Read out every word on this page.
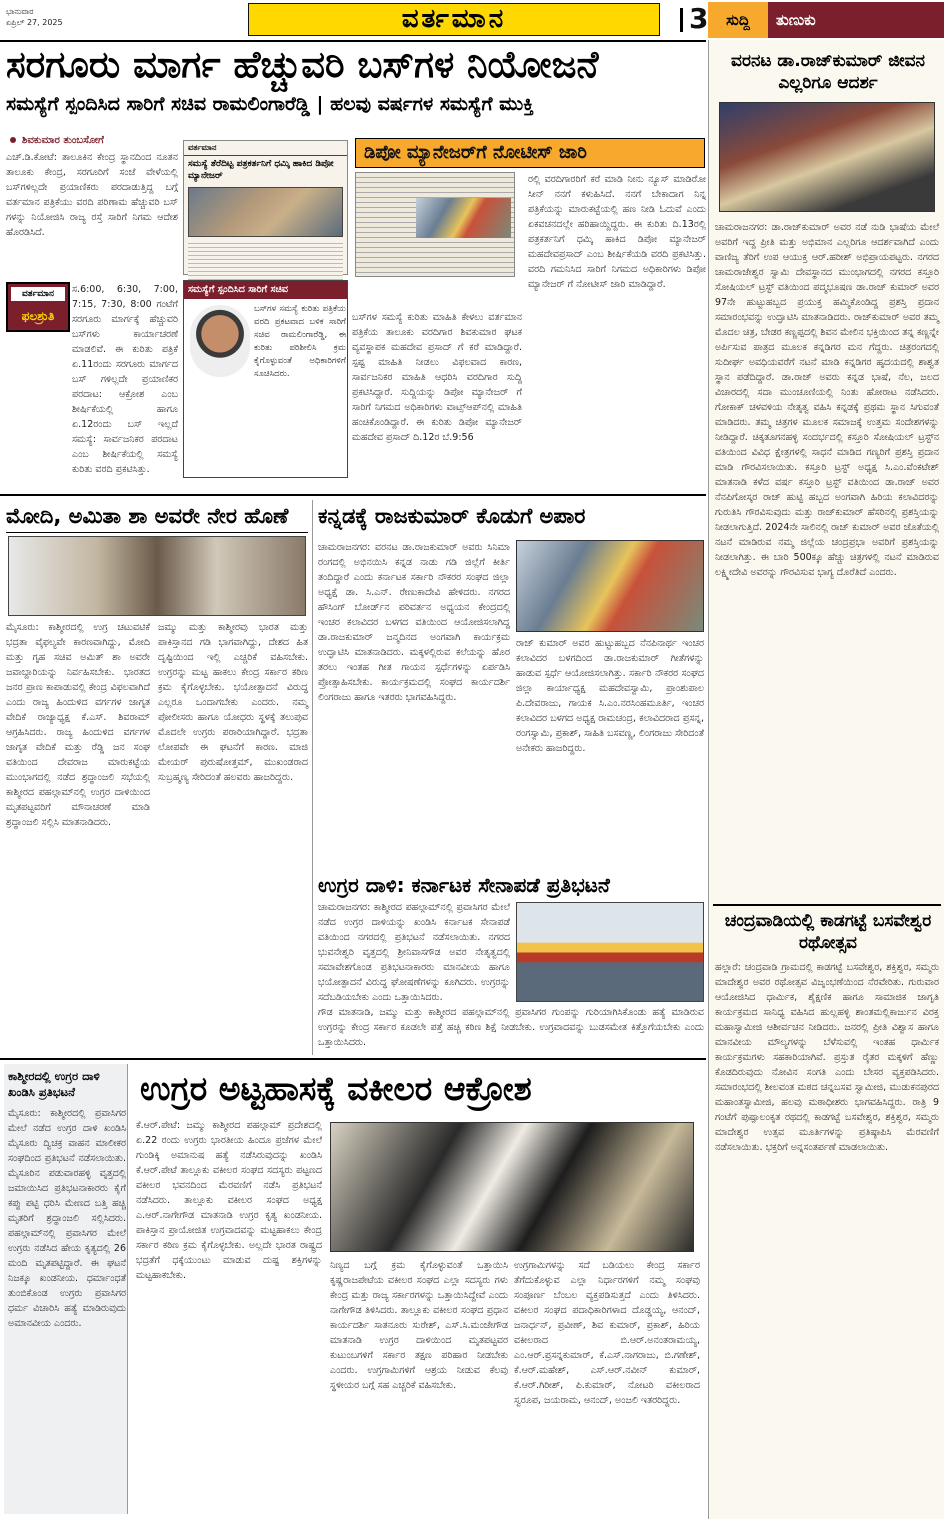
ಭಾನುವಾರ
ಏಪ್ರಿಲ್ 27, 2025	ವರ್ತಮಾನ	3	ಸುದ್ದಿ	ತುಣುಕು
ಸರಗೂರು ಮಾರ್ಗ ಹೆಚ್ಚುವರಿ ಬಸ್‌ಗಳ ನಿಯೋಜನೆ
ಸಮಸ್ಯೆಗೆ ಸ್ಪಂದಿಸಿದ ಸಾರಿಗೆ ಸಚಿವ ರಾಮಲಿಂಗಾರೆಡ್ಡಿ | ಹಲವು ವರ್ಷಗಳ ಸಮಸ್ಯೆಗೆ ಮುಕ್ತಿ
ಶಿವಕುಮಾರ ತುಂಬಸೋಗೆ
ಎಚ್.ಡಿ.ಕೋಟೆ: ತಾಲೂಕಿನ ಕೇಂದ್ರ ಸ್ಥಾನದಿಂದ ನೂತನ ತಾಲೂಕು ಕೇಂದ್ರ, ಸರಗೂರಿಗೆ ಸಂಜೆ ವೇಳೆಯಲ್ಲಿ ಬಸ್‌ಗಳಿಲ್ಲದೇ ಪ್ರಯಾಣಿಕರು ಪರದಾಡುತ್ತಿದ್ದ ಬಗ್ಗೆ ವರ್ತಮಾನ ಪತ್ರಿಕೆಯು ವರದಿ ಪರಿಣಾಮ ಹೆಚ್ಚುವರಿ ಬಸ್ ಗಳನ್ನು ನಿಯೋಜಿಸಿ ರಾಜ್ಯ ರಸ್ತೆ ಸಾರಿಗೆ ನಿಗಮ ಆದೇಶ ಹೊರಡಿಸಿದೆ.
ವರ್ತಮಾನ
ಫಲಶ್ರುತಿ
ಸ.6:00, 6:30, 7:00, 7:15, 7:30, 8:00 ಗಂಟೆಗೆ ಸರಗೂರು ಮಾರ್ಗಕ್ಕೆ ಹೆಚ್ಚುವರಿ ಬಸ್‌ಗಳು ಕಾರ್ಯಾಚರಣೆ ಮಾಡಲಿವೆ. ಈ ಕುರಿತು ಪತ್ರಿಕೆ ಏ.11ರಂದು ಸರಗೂರು ಮಾರ್ಗದ ಬಸ್ ಗಳಿಲ್ಲದೇ ಪ್ರಯಾಣಿಕರ ಪರದಾಟ: ಆಕ್ರೋಶ ಎಂಬ ಶೀರ್ಷಿಕೆಯಲ್ಲಿ ಹಾಗೂ ಏ.12ರಂದು ಬಸ್ ಇಲ್ಲದೆ ಸಮಸ್ಯೆ: ಸಾರ್ವಜನಿಕರ ಪರದಾಟ ಎಂಬ ಶೀರ್ಷಿಕೆಯಲ್ಲಿ ಸಮಸ್ಯೆ ಕುರಿತು ವರದಿ ಪ್ರಕಟಿಸಿತ್ತು.
ವರ್ತಮಾನ
ಸಮಸ್ಯೆ ತೆರೆದಿಟ್ಟ ಪತ್ರಕರ್ತನಿಗೆ ಧಮ್ಕಿ ಹಾಕಿದ ಡಿಪೋ ಮ್ಯಾನೇಜರ್
ಡಿಪೋ ಮ್ಯಾನೇಜರ್‌ಗೆ ನೋಟೀಸ್ ಜಾರಿ
ಸಮಸ್ಯೆಗೆ ಸ್ಪಂದಿಸಿದ ಸಾರಿಗೆ ಸಚಿವ
ಬಸ್‌ಗಳ ಸಮಸ್ಯೆ ಕುರಿತು ಪತ್ರಿಕೆಯ ವರದಿ ಪ್ರಕಟವಾದ ಬಳಿಕ ಸಾರಿಗೆ ಸಚಿವ ರಾಮಲಿಂಗಾರೆಡ್ಡಿ, ಈ ಕುರಿತು ಪರಿಶೀಲಿಸಿ ಕ್ರಮ ಕೈಗೊಳ್ಳುವಂತೆ ಅಧಿಕಾರಿಗಳಿಗೆ ಸೂಚಿಸಿದರು.
ಬಸ್‌ಗಳ ಸಮಸ್ಯೆ ಕುರಿತು ಮಾಹಿತಿ ಕೇಳಲು ವರ್ತಮಾನ ಪತ್ರಿಕೆಯ ತಾಲೂಕು ವರದಿಗಾರ ಶಿವಕುಮಾರ ಘಟಕ ವ್ಯವಸ್ಥಾಪಕ ಮಹದೇವ ಪ್ರಸಾದ್ ಗೆ ಕರೆ ಮಾಡಿದ್ದಾರೆ. ಸ್ಪಷ್ಟ ಮಾಹಿತಿ ನೀಡಲು ವಿಫಲವಾದ ಕಾರಣ, ಸಾರ್ವಜನಿಕರ ಮಾಹಿತಿ ಆಧರಿಸಿ ವರದಿಗಾರ ಸುದ್ದಿ ಪ್ರಕಟಿಸಿದ್ದಾರೆ. ಸುದ್ದಿಯನ್ನು ಡಿಪೋ ಮ್ಯಾನೇಜರ್ ಗೆ ಸಾರಿಗೆ ನಿಗಮದ ಅಧಿಕಾರಿಗಳು ವಾಟ್ಸ್‌ಆಪ್‌ನಲ್ಲಿ ಮಾಹಿತಿ ಹಂಚಿಕೊಂಡಿದ್ದಾರೆ. ಈ ಕುರಿತು ಡಿಪೋ ಮ್ಯಾನೇಜರ್ ಮಹದೇವ ಪ್ರಸಾದ್ ದಿ.12ರ ಬೆ.9:56
ರಲ್ಲಿ ವರದಿಗಾರರಿಗೆ ಕರೆ ಮಾಡಿ ನೀನು ನ್ಯೂಸ್ ಮಾಡಿರೋ ಸೀನ್ ನನಗೆ ಕಳುಹಿಸಿದೆ. ನನಗೆ ಬೇಕಾದಾಗ ನಿನ್ನ ಪತ್ರಿಕೆಯನ್ನು ಮಾರುಕಟ್ಟೆಯಲ್ಲಿ ಹಣ ನೀಡಿ ಓದುವೆ ಎಂದು ಏಕವಚನದಲ್ಲೇ ಹರಿಹಾಯ್ದಿದ್ದರು. ಈ ಕುರಿತು ದಿ.13ರಲ್ಲಿ ಪತ್ರಕರ್ತನಿಗೆ ಧಮ್ಕಿ ಹಾಕಿದ ಡಿಪೋ ಮ್ಯಾನೇಜರ್ ಮಹದೇವಪ್ರಸಾದ್ ಎಂಬ ಶೀರ್ಷಿಕೆಯಡಿ ವರದಿ ಪ್ರಕಟಿಸಿತ್ತು. ವರದಿ ಗಮನಿಸಿದ ಸಾರಿಗೆ ನಿಗಮದ ಅಧಿಕಾರಿಗಳು ಡಿಪೋ ಮ್ಯಾನೇಜರ್ ಗೆ ನೋಟೀಸ್ ಜಾರಿ ಮಾಡಿದ್ದಾರೆ.
ವರನಟ ಡಾ.ರಾಜ್‌ಕುಮಾರ್ ಜೀವನ ಎಲ್ಲರಿಗೂ ಆದರ್ಶ
ಚಾಮರಾಜನಗರ: ಡಾ.ರಾಜ್‌ಕುಮಾರ್ ಅವರ ನಡೆ ನುಡಿ ಭಾಷೆಯ ಮೇಲೆ ಅವರಿಗೆ ಇದ್ದ ಪ್ರೀತಿ ಮತ್ತು ಅಭಿಮಾನ ಎಲ್ಲರಿಗೂ ಆದರ್ಶವಾಗಿದೆ ಎಂದು ವಾಣಿಜ್ಯ ತೆರಿಗೆ ಉಪ ಆಯುಕ್ತ ಆರ್.ಹರೀಶ್ ಅಭಿಪ್ರಾಯಪಟ್ಟರು. ನಗರದ ಚಾಮರಾಜೇಶ್ವರ ಸ್ವಾಮಿ ದೇವಸ್ಥಾನದ ಮುಂಭಾಗದಲ್ಲಿ ನಗರದ ಕಸ್ತೂರಿ ಸೋಷಿಯಲ್ ಟ್ರಸ್ಟ್ ವತಿಯಿಂದ ಪದ್ಮಭೂಷಣ ಡಾ.ರಾಜ್ ಕುಮಾರ್ ಅವರ 97ನೇ ಹುಟ್ಟುಹಬ್ಬದ ಪ್ರಯುಕ್ತ ಹಮ್ಮಿಕೊಂಡಿದ್ದ ಪ್ರಶಸ್ತಿ ಪ್ರದಾನ ಸಮಾರಂಭವನ್ನು ಉದ್ಘಾಟಿಸಿ ಮಾತನಾಡಿದರು. ರಾಜ್‌ಕುಮಾರ್ ಅವರ ತಮ್ಮ ಮೊದಲ ಚಿತ್ರ, ಬೇಡರ ಕಣ್ಣಪ್ಪದಲ್ಲಿ ಶಿವನ ಮೇಲಿನ ಭಕ್ತಿಯಿಂದ ತನ್ನ ಕಣ್ಣನ್ನೇ ಅರ್ಪಿಸುವ ಪಾತ್ರದ ಮೂಲಕ ಕನ್ನಡಿಗರ ಮನ ಗೆದ್ದರು. ಚಿತ್ರರಂಗದಲ್ಲಿ ಸುದೀರ್ಘ ಅವಧಿಯವರೆಗೆ ನಟನೆ ಮಾಡಿ ಕನ್ನಡಿಗರ ಹೃದಯದಲ್ಲಿ ಶಾಶ್ವತ ಸ್ಥಾನ ಪಡೆದಿದ್ದಾರೆ. ಡಾ.ರಾಜ್ ಅವರು ಕನ್ನಡ ಭಾಷೆ, ನೆಲ, ಜಲದ ವಿಚಾರದಲ್ಲಿ ಸದಾ ಮುಂಚೂಣಿಯಲ್ಲಿ ನಿಂತು ಹೋರಾಟ ನಡೆಸಿದರು. ಗೋಕಾಕ್ ಚಳವಳಿಯ ನೇತೃತ್ವ ವಹಿಸಿ ಕನ್ನಡಕ್ಕೆ ಪ್ರಥಮ ಸ್ಥಾನ ಸಿಗುವಂತೆ ಮಾಡಿದರು. ತಮ್ಮ ಚಿತ್ರಗಳ ಮೂಲಕ ಸಮಾಜಕ್ಕೆ ಉತ್ತಮ ಸಂದೇಶಗಳನ್ನು ನೀಡಿದ್ದಾರೆ. ಚಿಕ್ಕತೂಗನಹಳ್ಳಿ ಸಂದರ್ಭದಲ್ಲಿ ಕಸ್ತೂರಿ ಸೋಷಿಯಲ್ ಟ್ರಸ್ಟ್‌ನ ವತಿಯಿಂದ ವಿವಿಧ ಕ್ಷೇತ್ರಗಳಲ್ಲಿ ಸಾಧನೆ ಮಾಡಿದ ಗಣ್ಯರಿಗೆ ಪ್ರಶಸ್ತಿ ಪ್ರದಾನ ಮಾಡಿ ಗೌರವಿಸಲಾಯಿತು. ಕಸ್ತೂರಿ ಟ್ರಸ್ಟ್ ಅಧ್ಯಕ್ಷ ಸಿ.ಎಂ.ವೆಂಕಟೇಶ್ ಮಾತನಾಡಿ ಕಳೆದ ವರ್ಷ ಕಸ್ತೂರಿ ಟ್ರಸ್ಟ್ ವತಿಯಿಂದ ಡಾ.ರಾಜ್ ಅವರ ನೆನಪಿಗೋಸ್ಕರ ರಾಜ್ ಹುಟ್ಟಿ ಹಬ್ಬದ ಅಂಗವಾಗಿ ಹಿರಿಯ ಕಲಾವಿದರನ್ನು ಗುರುತಿಸಿ ಗೌರವಿಸುವುದು ಮತ್ತು ರಾಜ್‌ಕುಮಾರ್ ಹೆಸರಿನಲ್ಲಿ ಪ್ರಶಸ್ತಿಯನ್ನು ನೀಡಲಾಗುತ್ತಿದೆ. 2024ನೇ ಸಾಲಿನಲ್ಲಿ ರಾಜ್ ಕುಮಾರ್ ಅವರ ಜೊತೆಯಲ್ಲಿ ನಟನೆ ಮಾಡಿರುವ ನಮ್ಮ ಜಿಲ್ಲೆಯ ಚಂದ್ರಪ್ರಭಾ ಅವರಿಗೆ ಪ್ರಶಸ್ತಿಯನ್ನು ನೀಡಲಾಗಿತ್ತು. ಈ ಬಾರಿ 500ಕ್ಕೂ ಹೆಚ್ಚು ಚಿತ್ರಗಳಲ್ಲಿ ನಟನೆ ಮಾಡಿರುವ ಲಕ್ಷ್ಮೀದೇವಿ ಅವರನ್ನು ಗೌರವಿಸುವ ಭಾಗ್ಯ ದೊರೆತಿದೆ ಎಂದರು.
ಚಂದ್ರವಾಡಿಯಲ್ಲಿ ಕಾಡಗಟ್ಟೆ ಬಸವೇಶ್ವರ ರಥೋತ್ಸವ
ಹಲ್ಲಾರೆ: ಚಂದ್ರವಾಡಿ ಗ್ರಾಮದಲ್ಲಿ ಕಾಡಗಟ್ಟೆ ಬಸವೇಶ್ವರ, ಶಕ್ತಿಶ್ವರ, ಸಮ್ಮರು ಮಾದೇಶ್ವರ ಅವರ ರಥೋತ್ಸವ ವಿಜೃಂಭಣೆಯಿಂದ ನೆರವೇರಿತು. ಗುರುವಾರ ಆಯೋಜಿಸಿದ ಧಾರ್ಮಿಕ, ಶೈಕ್ಷಣಿಕ ಹಾಗೂ ಸಾಮಾಜಿಕ ಜಾಗೃತಿ ಕಾರ್ಯಕ್ರಮದ ಸಾನಿಧ್ಯ ವಹಿಸಿದ ಹುಲ್ಲಹಳ್ಳಿ ಶಾಂತಮಲ್ಲಿಕಾರ್ಜುನ ವಿರಕ್ತ ಮಹಾಸ್ವಾಮೀಜಿ ಆಶೀರ್ವಚನ ನೀಡಿದರು. ಜನರಲ್ಲಿ ಪ್ರೀತಿ ವಿಶ್ವಾಸ ಹಾಗೂ ಮಾನವೀಯ ಮೌಲ್ಯಗಳನ್ನು ಬೆಳೆಸುವಲ್ಲಿ ಇಂತಹ ಧಾರ್ಮಿಕ ಕಾರ್ಯಕ್ರಮಗಳು ಸಹಕಾರಿಯಾಗಿವೆ. ಪ್ರಸ್ತುತ ರೈತರ ಮಕ್ಕಳಿಗೆ ಹೆಣ್ಣು ಕೊಡದಿರುವುದು ನೋವಿನ ಸಂಗತಿ ಎಂದು ಬೇಸರ ವ್ಯಕ್ತಪಡಿಸಿದರು. ಸಮಾರಂಭದಲ್ಲಿ ಶೀಲವಂತ ಮಠದ ಚನ್ನಬಸವ ಸ್ವಾಮೀಜಿ, ಮುಡುಕನಪುರದ ಮಹಾಂತಸ್ವಾಮೀಜಿ, ಹಲವು ಮಠಾಧೀಶರು ಭಾಗವಹಿಸಿದ್ದರು. ರಾತ್ರಿ 9 ಗಂಟೆಗೆ ಪುಷ್ಪಾಲಂಕೃತ ರಥದಲ್ಲಿ ಕಾಡಗಟ್ಟೆ ಬಸವೇಶ್ವರ, ಶಕ್ತಿಶ್ವರ, ಸಮ್ಮರು ಮಾದೇಶ್ವರ ಉತ್ಸವ ಮೂರ್ತಿಗಳನ್ನು ಪ್ರತಿಷ್ಠಾಪಿಸಿ ಮೆರವಣಿಗೆ ನಡೆಸಲಾಯಿತು. ಭಕ್ತರಿಗೆ ಅನ್ನಸಂತರ್ಪಣೆ ಮಾಡಲಾಯಿತು.
ಮೋದಿ, ಅಮಿತಾ ಶಾ ಅವರೇ ನೇರ ಹೊಣೆ
ಮೈಸೂರು: ಕಾಶ್ಮೀರದಲ್ಲಿ ಉಗ್ರ ಚಟುವಟಿಕೆ ಭದ್ರತಾ ವೈಫಲ್ಯವೇ ಕಾರಣವಾಗಿದ್ದು, ಮೋದಿ ಮತ್ತು ಗೃಹ ಸಚಿವ ಅಮಿತ್ ಶಾ ಅವರೇ ಜವಾಬ್ದಾರಿಯನ್ನು ನಿರ್ವಹಿಸಬೇಕು. ಭಾರತದ ಜನರ ಪ್ರಾಣ ಕಾಪಾಡುವಲ್ಲಿ ಕೇಂದ್ರ ವಿಫಲವಾಗಿದೆ ಎಂದು ರಾಜ್ಯ ಹಿಂದುಳಿದ ವರ್ಗಗಳ ಜಾಗೃತ ವೇದಿಕೆ ರಾಜ್ಯಾಧ್ಯಕ್ಷ ಕೆ.ಎಸ್. ಶಿವರಾಮ್ ಆಗ್ರಹಿಸಿದರು. ರಾಜ್ಯ ಹಿಂದುಳಿದ ವರ್ಗಗಳ ಜಾಗೃತ ವೇದಿಕೆ ಮತ್ತು ರೆಡ್ಡಿ ಜನ ಸಂಘ ವತಿಯಿಂದ ದೇವರಾಜ ಮಾರುಕಟ್ಟೆಯ ಮುಂಭಾಗದಲ್ಲಿ ನಡೆದ ಶ್ರದ್ಧಾಂಜಲಿ ಸಭೆಯಲ್ಲಿ ಕಾಶ್ಮೀರದ ಪಹಲ್ಗಾಮ್‌ನಲ್ಲಿ ಉಗ್ರರ ದಾಳಿಯಿಂದ ಮೃತಪಟ್ಟವರಿಗೆ ಮೌನಾಚರಣೆ ಮಾಡಿ ಶ್ರದ್ಧಾಂಜಲಿ ಸಲ್ಲಿಸಿ ಮಾತನಾಡಿದರು.
ಜಮ್ಮು ಮತ್ತು ಕಾಶ್ಮೀರವು ಭಾರತ ಮತ್ತು ಪಾಕಿಸ್ತಾನದ ಗಡಿ ಭಾಗವಾಗಿದ್ದು, ದೇಶದ ಹಿತ ದೃಷ್ಟಿಯಿಂದ ಇಲ್ಲಿ ಎಚ್ಚರಿಕೆ ವಹಿಸಬೇಕು. ಉಗ್ರರನ್ನು ಮಟ್ಟ ಹಾಕಲು ಕೇಂದ್ರ ಸರ್ಕಾರ ಕಠಿಣ ಕ್ರಮ ಕೈಗೊಳ್ಳಬೇಕು. ಭಯೋತ್ಪಾದನೆ ವಿರುದ್ಧ ಎಲ್ಲರೂ ಒಂದಾಗಬೇಕು ಎಂದರು. ನಮ್ಮ ಪೋಲೀಸರು ಹಾಗೂ ಯೋಧರು ಸ್ಥಳಕ್ಕೆ ತಲುಪುವ ಮೊದಲೇ ಉಗ್ರರು ಪರಾರಿಯಾಗಿದ್ದಾರೆ. ಭದ್ರತಾ ಲೋಪವೇ ಈ ಘಟನೆಗೆ ಕಾರಣ. ಮಾಜಿ ಮೇಯರ್ ಪುರುಷೋತ್ತಮ್, ಮುಖಂಡರಾದ ಸುಬ್ರಹ್ಮಣ್ಯ ಸೇರಿದಂತೆ ಹಲವರು ಹಾಜರಿದ್ದರು.
ಕನ್ನಡಕ್ಕೆ ರಾಜಕುಮಾರ್ ಕೊಡುಗೆ ಅಪಾರ
ಚಾಮರಾಜನಗರ: ವರನಟ ಡಾ.ರಾಜಕುಮಾರ್ ಅವರು ಸಿನಿಮಾ ರಂಗದಲ್ಲಿ ಅಭಿನಯಿಸಿ ಕನ್ನಡ ನಾಡು ಗಡಿ ಜಿಲ್ಲೆಗೆ ಕೀರ್ತಿ ತಂದಿದ್ದಾರೆ ಎಂದು ಕರ್ನಾಟಕ ಸರ್ಕಾರಿ ನೌಕರರ ಸಂಘದ ಜಿಲ್ಲಾ ಅಧ್ಯಕ್ಷೆ ಡಾ. ಸಿ.ಎನ್. ರೇಣುಕಾದೇವಿ ಹೇಳಿದರು. ನಗರದ ಹೌಸಿಂಗ್ ಬೋರ್ಡ್‌ನ ಪರಿವರ್ತನ ಅಧ್ಯಯನ ಕೇಂದ್ರದಲ್ಲಿ ಇಂಚರ ಕಲಾವಿದರ ಬಳಗದ ವತಿಯಿಂದ ಆಯೋಜಿಸಲಾಗಿದ್ದ ಡಾ.ರಾಜಕುಮಾರ್ ಜನ್ಮದಿನದ ಅಂಗವಾಗಿ ಕಾರ್ಯಕ್ರಮ ಉದ್ಘಾಟಿಸಿ ಮಾತನಾಡಿದರು. ಮಕ್ಕಳಲ್ಲಿರುವ ಕಲೆಯನ್ನು ಹೊರ ತರಲು ಇಂತಹ ಗೀತ ಗಾಯನ ಸ್ಪರ್ಧೆಗಳನ್ನು ಏರ್ಪಡಿಸಿ ಪ್ರೋತ್ಸಾಹಿಸಬೇಕು. ಕಾರ್ಯಕ್ರಮದಲ್ಲಿ ಸಂಘದ ಕಾರ್ಯದರ್ಶಿ ಲಿಂಗರಾಜು ಹಾಗೂ ಇತರರು ಭಾಗವಹಿಸಿದ್ದರು.
ರಾಜ್ ಕುಮಾರ್ ಅವರ ಹುಟ್ಟುಹಬ್ಬದ ನೆನಪಿನಾರ್ಥ ಇಂಚರ ಕಲಾವಿದರ ಬಳಗದಿಂದ ಡಾ.ರಾಜಕುಮಾರ್ ಗೀತೆಗಳನ್ನು ಹಾಡುವ ಸ್ಪರ್ಧೆ ಆಯೋಜಿಸಲಾಗಿತ್ತು. ಸರ್ಕಾರಿ ನೌಕರರ ಸಂಘದ ಜಿಲ್ಲಾ ಕಾರ್ಯಾಧ್ಯಕ್ಷ ಮಹದೇವಸ್ವಾಮಿ, ಪ್ರಾಂಶುಪಾಲ ಪಿ.ದೇವರಾಜು, ಗಾಯಕ ಸಿ.ಎಂ.ನರಸಿಂಹಮೂರ್ತಿ, ಇಂಚರ ಕಲಾವಿದರ ಬಳಗದ ಅಧ್ಯಕ್ಷ ರಾಮಚಂದ್ರ, ಕಲಾವಿದರಾದ ಪ್ರಸನ್ನ, ರಂಗಸ್ವಾಮಿ, ಪ್ರಕಾಶ್, ಸಾಹಿತಿ ಬಸವಣ್ಣ, ಲಿಂಗರಾಜು ಸೇರಿದಂತೆ ಅನೇಕರು ಹಾಜರಿದ್ದರು.
ಉಗ್ರರ ದಾಳಿ: ಕರ್ನಾಟಕ ಸೇನಾಪಡೆ ಪ್ರತಿಭಟನೆ
ಚಾಮರಾಜನಗರ: ಕಾಶ್ಮೀರದ ಪಹಲ್ಗಾಮ್‌ನಲ್ಲಿ ಪ್ರವಾಸಿಗರ ಮೇಲೆ ನಡೆದ ಉಗ್ರರ ದಾಳಿಯನ್ನು ಖಂಡಿಸಿ ಕರ್ನಾಟಕ ಸೇನಾಪಡೆ ವತಿಯಿಂದ ನಗರದಲ್ಲಿ ಪ್ರತಿಭಟನೆ ನಡೆಸಲಾಯಿತು. ನಗರದ ಭುವನೇಶ್ವರಿ ವೃತ್ತದಲ್ಲಿ ಶ್ರೀನಿವಾಸಗೌಡ ಅವರ ನೇತೃತ್ವದಲ್ಲಿ ಸಮಾವೇಶಗೊಂಡ ಪ್ರತಿಭಟನಾಕಾರರು ಮಾನವೀಯ ಹಾಗೂ ಭಯೋತ್ಪಾದನೆ ವಿರುದ್ಧ ಘೋಷಣೆಗಳನ್ನು ಕೂಗಿದರು. ಉಗ್ರರನ್ನು ಸದೆಬಡಿಯಬೇಕು ಎಂದು ಒತ್ತಾಯಿಸಿದರು.
ಗೌಡ ಮಾತನಾಡಿ, ಜಮ್ಮು ಮತ್ತು ಕಾಶ್ಮೀರದ ಪಹಲ್ಗಾಮ್‌ನಲ್ಲಿ ಪ್ರವಾಸಿಗರ ಗುಂಪನ್ನು ಗುರಿಯಾಗಿಸಿಕೊಂಡು ಹತ್ಯೆ ಮಾಡಿರುವ ಉಗ್ರರನ್ನು ಕೇಂದ್ರ ಸರ್ಕಾರ ಕೂಡಲೇ ಪತ್ತೆ ಹಚ್ಚಿ ಕಠಿಣ ಶಿಕ್ಷೆ ನೀಡಬೇಕು. ಉಗ್ರವಾದವನ್ನು ಬುಡಸಮೇತ ಕಿತ್ತೊಗೆಯಬೇಕು ಎಂದು ಒತ್ತಾಯಿಸಿದರು.
ಕಾಶ್ಮೀರದಲ್ಲಿ ಉಗ್ರರ ದಾಳಿ ಖಂಡಿಸಿ ಪ್ರತಿಭಟನೆ
ಮೈಸೂರು: ಕಾಶ್ಮೀರದಲ್ಲಿ ಪ್ರವಾಸಿಗರ ಮೇಲೆ ನಡೆದ ಉಗ್ರರ ದಾಳಿ ಖಂಡಿಸಿ ಮೈಸೂರು ದ್ವಿಚಕ್ರ ವಾಹನ ಮಾಲೀಕರ ಸಂಘದಿಂದ ಪ್ರತಿಭಟನೆ ನಡೆಸಲಾಯಿತು. ಮೈಸೂರಿನ ಪಡುವಾರಹಳ್ಳಿ ವೃತ್ತದಲ್ಲಿ ಜಮಾಯಿಸಿದ ಪ್ರತಿಭಟನಾಕಾರರು ಕೈಗೆ ಕಪ್ಪು ಪಟ್ಟಿ ಧರಿಸಿ ಮೇಣದ ಬತ್ತಿ ಹಚ್ಚಿ ಮೃತರಿಗೆ ಶ್ರದ್ಧಾಂಜಲಿ ಸಲ್ಲಿಸಿದರು. ಪಹಲ್ಗಾಮ್‌ನಲ್ಲಿ ಪ್ರವಾಸಿಗರ ಮೇಲೆ ಉಗ್ರರು ನಡೆಸಿದ ಹೇಯ ಕೃತ್ಯದಲ್ಲಿ 26 ಮಂದಿ ಮೃತಪಟ್ಟಿದ್ದಾರೆ. ಈ ಘಟನೆ ನಿಜಕ್ಕೂ ಖಂಡನೀಯ. ಧರ್ಮಾಂಧತೆ ತುಂಬಿಕೊಂಡ ಉಗ್ರರು ಪ್ರವಾಸಿಗರ ಧರ್ಮ ವಿಚಾರಿಸಿ ಹತ್ಯೆ ಮಾಡಿರುವುದು ಅಮಾನವೀಯ ಎಂದರು.
ಉಗ್ರರ ಅಟ್ಟಹಾಸಕ್ಕೆ ವಕೀಲರ ಆಕ್ರೋಶ
ಕೆ.ಆರ್.ಪೇಟೆ: ಜಮ್ಮು ಕಾಶ್ಮೀರದ ಪಹಲ್ಗಾಮ್ ಪ್ರದೇಶದಲ್ಲಿ ಏ.22 ರಂದು ಉಗ್ರರು ಭಾರತೀಯ ಹಿಂದೂ ಪ್ರಜೆಗಳ ಮೇಲೆ ಗುಂಡಿಕ್ಕಿ ಅಮಾನುಷ ಹತ್ಯೆ ನಡೆಸಿರುವುದನ್ನು ಖಂಡಿಸಿ ಕೆ.ಆರ್.ಪೇಟೆ ತಾಲ್ಲೂಕು ವಕೀಲರ ಸಂಘದ ಸದಸ್ಯರು ಪಟ್ಟಣದ ವಕೀಲರ ಭವನದಿಂದ ಮೆರವಣಿಗೆ ನಡೆಸಿ ಪ್ರತಿಭಟನೆ ನಡೆಸಿದರು. ತಾಲ್ಲೂಕು ವಕೀಲರ ಸಂಘದ ಅಧ್ಯಕ್ಷ ಎ.ಆರ್.ನಾಗೇಗೌಡ ಮಾತನಾಡಿ ಉಗ್ರರ ಕೃತ್ಯ ಖಂಡನೀಯ. ಪಾಕಿಸ್ತಾನ ಪ್ರಾಯೋಜಿತ ಉಗ್ರವಾದವನ್ನು ಮಟ್ಟಹಾಕಲು ಕೇಂದ್ರ ಸರ್ಕಾರ ಕಠಿಣ ಕ್ರಮ ಕೈಗೊಳ್ಳಬೇಕು. ಅಲ್ಲದೇ ಭಾರತ ರಾಷ್ಟ್ರದ ಭದ್ರತೆಗೆ ಧಕ್ಕೆಯುಂಟು ಮಾಡುವ ದುಷ್ಟ ಶಕ್ತಿಗಳನ್ನು ಮಟ್ಟಹಾಕಬೇಕು.
ನಿಣ್ಯದ ಬಗ್ಗೆ ಕ್ರಮ ಕೈಗೊಳ್ಳುವಂತೆ ಒತ್ತಾಯಿಸಿ ಕೃಷ್ಣರಾಜಪೇಟೆಯ ವಕೀಲರ ಸಂಘದ ಎಲ್ಲಾ ಸದಸ್ಯರು ಗಳು ಕೇಂದ್ರ ಮತ್ತು ರಾಜ್ಯ ಸರ್ಕಾರಗಳನ್ನು ಒತ್ತಾಯಿಸಿದ್ದೇವೆ ಎಂದು ನಾಗೇಗೌಡ ತಿಳಿಸಿದರು. ತಾಲ್ಲೂಕು ವಕೀಲರ ಸಂಘದ ಪ್ರಧಾನ ಕಾರ್ಯದರ್ಶಿ ಸಾತನೂರು ಸುರೇಶ್, ಎಸ್.ಸಿ.ಮಂಜೇಗೌಡ ಮಾತನಾಡಿ ಉಗ್ರರ ದಾಳಿಯಿಂದ ಮೃತಪಟ್ಟವರ ಕುಟುಂಬಗಳಿಗೆ ಸರ್ಕಾರ ತಕ್ಷಣ ಪರಿಹಾರ ನೀಡಬೇಕು ಎಂದರು. ಉಗ್ರಗಾಮಿಗಳಿಗೆ ಆಶ್ರಯ ನೀಡುವ ಕೆಲವು ಸ್ಥಳೀಯರ ಬಗ್ಗೆ ಸಹ ಎಚ್ಚರಿಕೆ ವಹಿಸಬೇಕು.
ಉಗ್ರಗಾಮಿಗಳನ್ನು ಸದೆ ಬಡಿಯಲು ಕೇಂದ್ರ ಸರ್ಕಾರ ತೆಗೆದುಕೊಳ್ಳುವ ಎಲ್ಲಾ ನಿರ್ಧಾರಗಳಿಗೆ ನಮ್ಮ ಸಂಘವು ಸಂಪೂರ್ಣ ಬೆಂಬಲ ವ್ಯಕ್ತಪಡಿಸುತ್ತದೆ ಎಂದು ತಿಳಿಸಿದರು. ವಕೀಲರ ಸಂಘದ ಪದಾಧಿಕಾರಿಗಳಾದ ದೊಡ್ಡಯ್ಯ, ಆನಂದ್, ಜನಾರ್ಧನ್, ಪ್ರವೀಣ್, ಶಿವ ಕುಮಾರ್, ಪ್ರಕಾಶ್, ಹಿರಿಯ ವಕೀಲರಾದ ಬಿ.ಆರ್.ಅನಂತರಾಮಯ್ಯ, ಎಂ.ಆರ್.ಪ್ರಸನ್ನಕುಮಾರ್, ಕೆ.ಎಸ್.ನಾಗರಾಜು, ಬಿ.ಗಣೇಶ್, ಕೆ.ಆರ್.ಮಹೇಶ್, ಎಸ್.ಆರ್.ನವೀನ್ ಕುಮಾರ್, ಕೆ.ಆರ್.ಗಿರೀಶ್, ಪಿ.ಕುಮಾರ್, ನೋಟರಿ ವಕೀಲರಾದ ಸ್ವರೂಪ, ಜಯರಾಮ, ಆನಂದ್, ಅಂಜಲಿ ಇತರರಿದ್ದರು.
